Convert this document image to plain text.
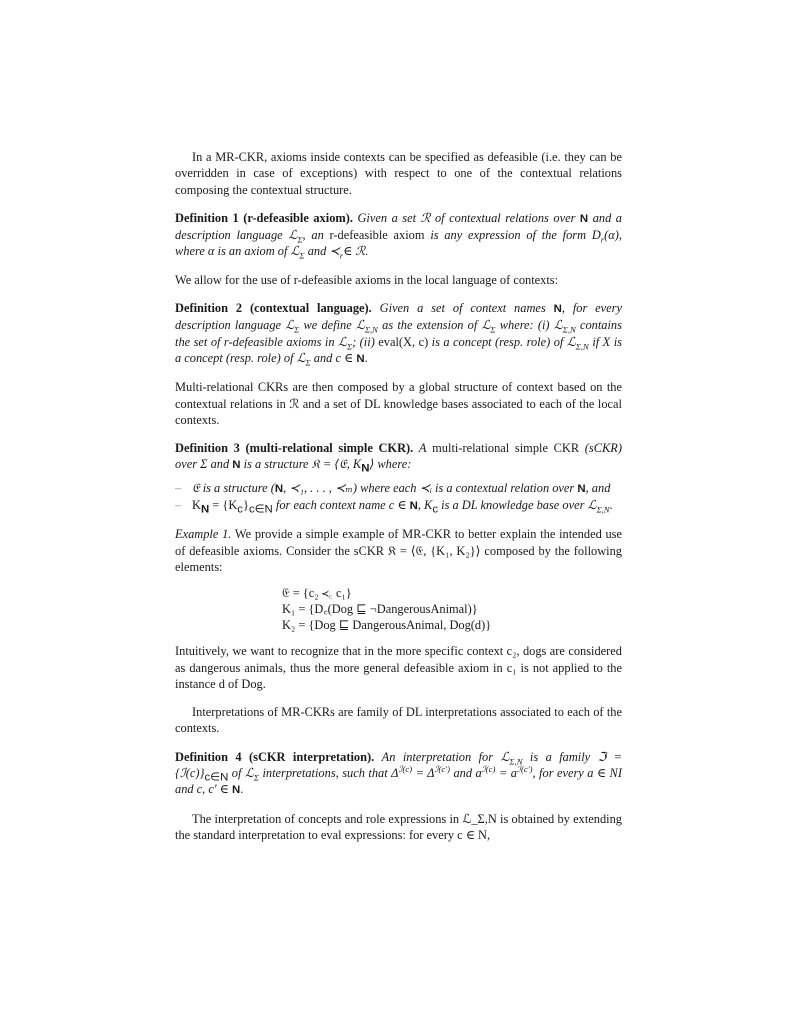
In a MR-CKR, axioms inside contexts can be specified as defeasible (i.e. they can be overridden in case of exceptions) with respect to one of the contextual relations composing the contextual structure.

Definition 1 (r-defeasible axiom). Given a set ℛ of contextual relations over N and a description language ℒ$_\Sigma$, an r-defeasible axiom is any expression of the form $D_r(\alpha)$, where α is an axiom of ℒ$_\Sigma$ and $≺_r\in$ ℛ.

We allow for the use of r-defeasible axioms in the local language of contexts:

Definition 2 (contextual language). Given a set of context names N, for every description language ℒ$_\Sigma$ we define ℒ$_{\Sigma,N}$ as the extension of ℒ$_\Sigma$ where: (i) ℒ$_{\Sigma,N}$ contains the set of r-defeasible axioms in ℒ$_\Sigma$; (ii) eval(X, c) is a concept (resp. role) of ℒ$_{\Sigma,N}$ if X is a concept (resp. role) of ℒ$_\Sigma$ and c ∈ N.

Multi-relational CKRs are then composed by a global structure of context based on the contextual relations in ℛ and a set of DL knowledge bases associated to each of the local contexts.

Definition 3 (multi-relational simple CKR). A multi-relational simple CKR (sCKR) over Σ and N is a structure 𝔎 = ⟨𝔈, $K_N⟩$ where:

– 𝔈 is a structure (N, ≺₁, . . . , ≺ₘ) where each ≺ᵢ is a contextual relation over N, and
– $K_N = \{K_c\}_{c\in N}$ for each context name c ∈ N, $K_c$ is a DL knowledge base over ℒ$_{\Sigma,N}$.

Example 1. We provide a simple example of MR-CKR to better explain the intended use of defeasible axioms. Consider the sCKR 𝔎 = ⟨𝔈, {K₁, K₂}⟩ composed by the following elements:

𝔈 = {c₂ ≺꜀ c₁}
K₁ = {D꜀(Dog ⊑ ¬DangerousAnimal)}
K₂ = {Dog ⊑ DangerousAnimal, Dog(d)}

Intuitively, we want to recognize that in the more specific context c₂, dogs are considered as dangerous animals, thus the more general defeasible axiom in c₁ is not applied to the instance d of Dog.

Interpretations of MR-CKRs are family of DL interpretations associated to each of the contexts.

Definition 4 (sCKR interpretation). An interpretation for ℒ$_{\Sigma,N}$ is a family ℑ = $\{ℐ(c)\}_{c\in N}$ of ℒ$_\Sigma$ interpretations, such that $\Delta^{ℐ(c)} = \Delta^{ℐ(c')}$ and $a^{ℐ(c)} = a^{ℐ(c')}$, for every a ∈ NI and c, c′ ∈ N.

The interpretation of concepts and role expressions in ℒ_Σ,N is obtained by extending the standard interpretation to eval expressions: for every c ∈ N,
